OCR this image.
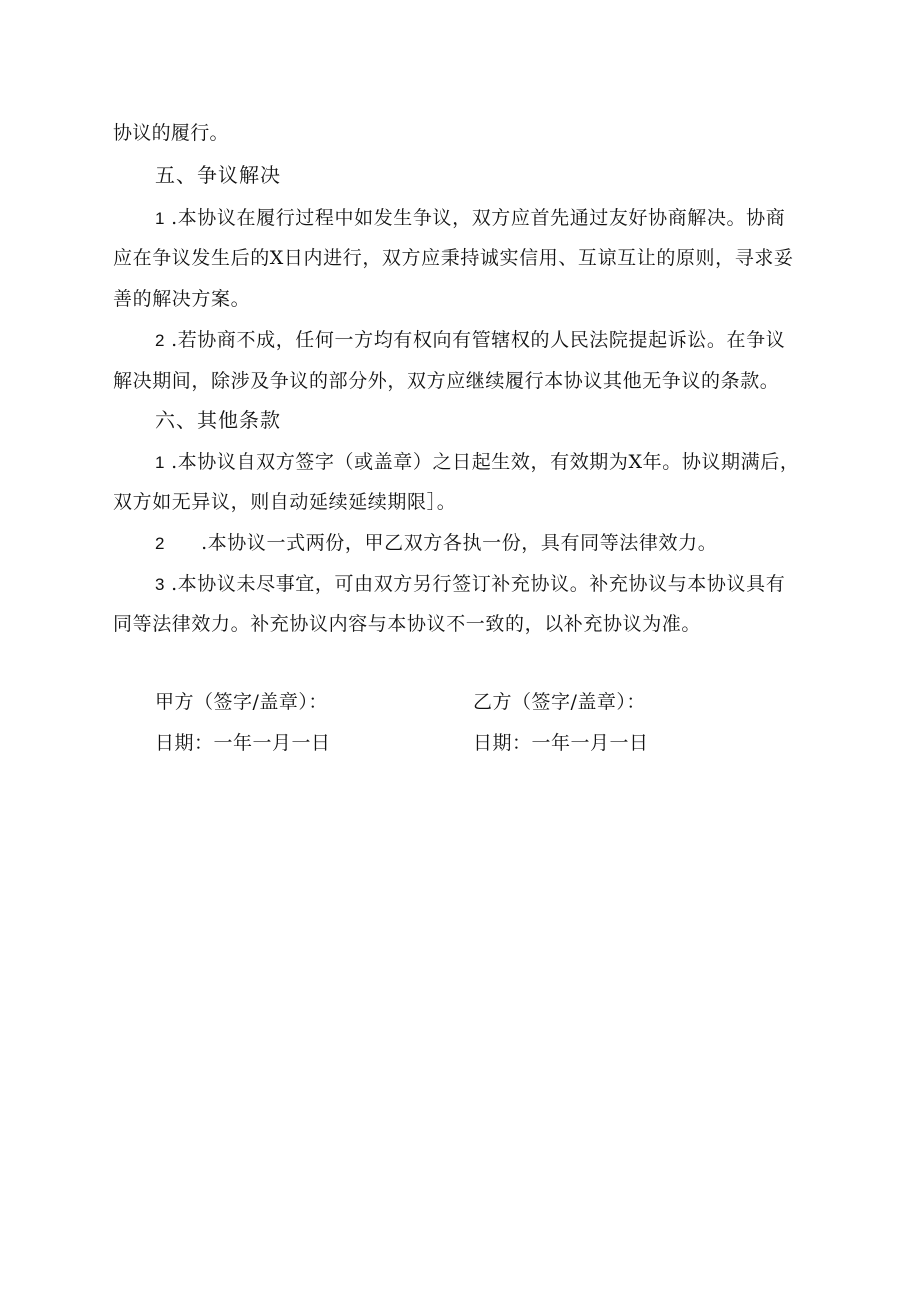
协议的履行。
五、争议解决
1 .本协议在履行过程中如发生争议，双方应首先通过友好协商解决。协商
应在争议发生后的X日内进行，双方应秉持诚实信用、互谅互让的原则，寻求妥
善的解决方案。
2 .若协商不成，任何一方均有权向有管辖权的人民法院提起诉讼。在争议
解决期间，除涉及争议的部分外，双方应继续履行本协议其他无争议的条款。
六、其他条款
1 .本协议自双方签字（或盖章）之日起生效，有效期为X年。协议期满后，
双方如无异议，则自动延续延续期限］。
2 .本协议一式两份，甲乙双方各执一份，具有同等法律效力。
3 .本协议未尽事宜，可由双方另行签订补充协议。补充协议与本协议具有
同等法律效力。补充协议内容与本协议不一致的，以补充协议为准。
甲方（签字/盖章）：	乙方（签字/盖章）：
日期：一年一月一日	日期：一年一月一日
